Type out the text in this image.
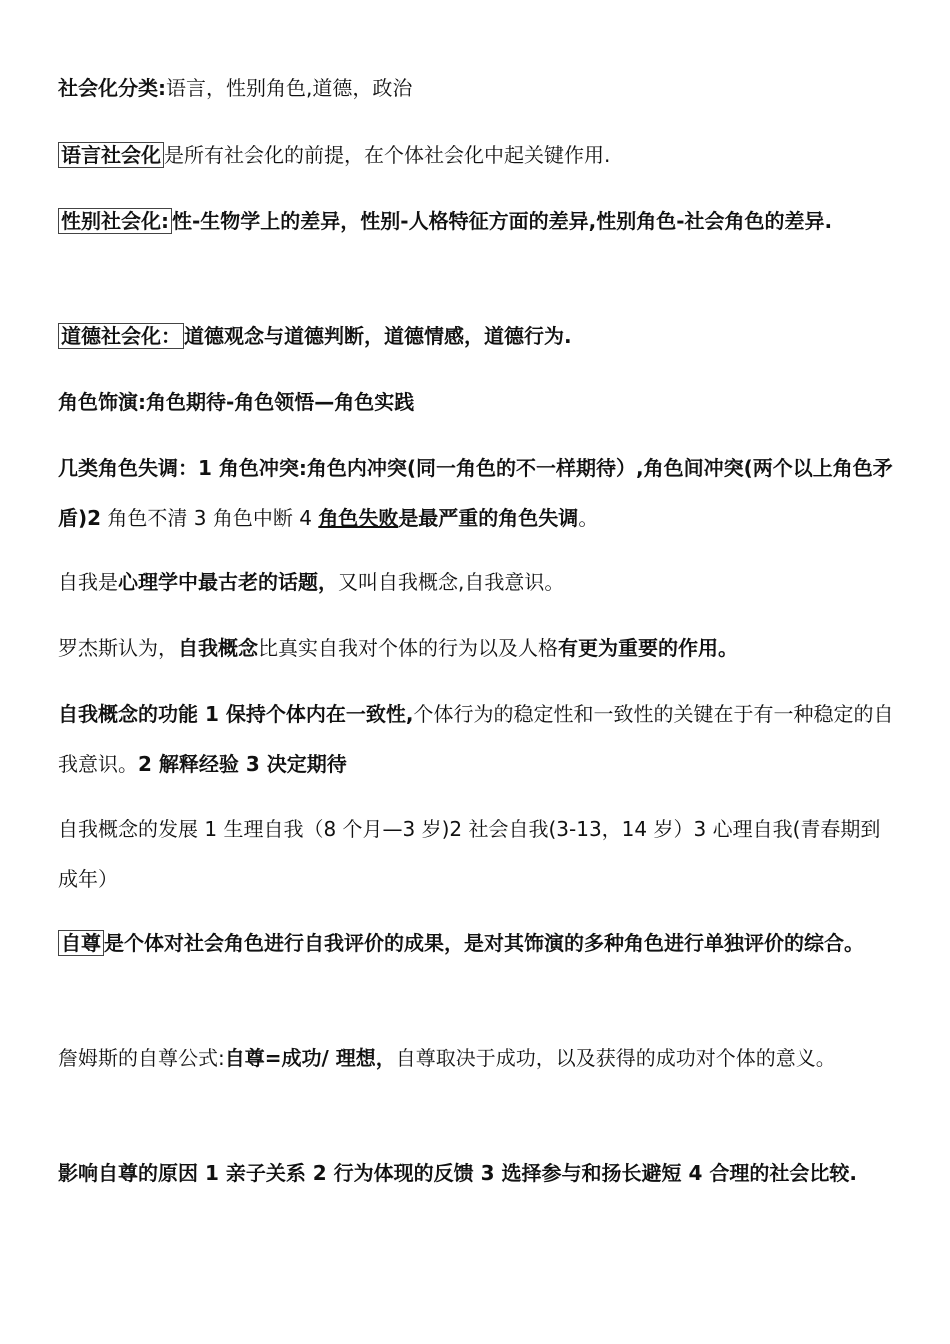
社会化分类:语言，性别角色,道德，政治

语言社会化 是所有社会化的前提，在个体社会化中起关键作用.

性别社会化: 性-生物学上的差异，性别-人格特征方面的差异,性别角色-社会角色的差异.

道德社会化： 道德观念与道德判断，道德情感，道德行为.

角色饰演:角色期待-角色领悟—角色实践

几类角色失调：1 角色冲突:角色内冲突(同一角色的不一样期待）,角色间冲突(两个以上角色矛盾)2 角色不清 3 角色中断 4 角色失败是最严重的角色失调。

自我是心理学中最古老的话题，又叫自我概念,自我意识。

罗杰斯认为，自我概念比真实自我对个体的行为以及人格有更为重要的作用。

自我概念的功能 1 保持个体内在一致性,个体行为的稳定性和一致性的关键在于有一种稳定的自我意识。2 解释经验 3 决定期待

自我概念的发展 1 生理自我（8 个月—3 岁)2 社会自我(3-13，14 岁）3 心理自我(青春期到成年）

自尊 是个体对社会角色进行自我评价的成果，是对其饰演的多种角色进行单独评价的综合。

詹姆斯的自尊公式:自尊=成功/ 理想，自尊取决于成功，以及获得的成功对个体的意义。

影响自尊的原因 1 亲子关系 2 行为体现的反馈 3 选择参与和扬长避短 4 合理的社会比较.
